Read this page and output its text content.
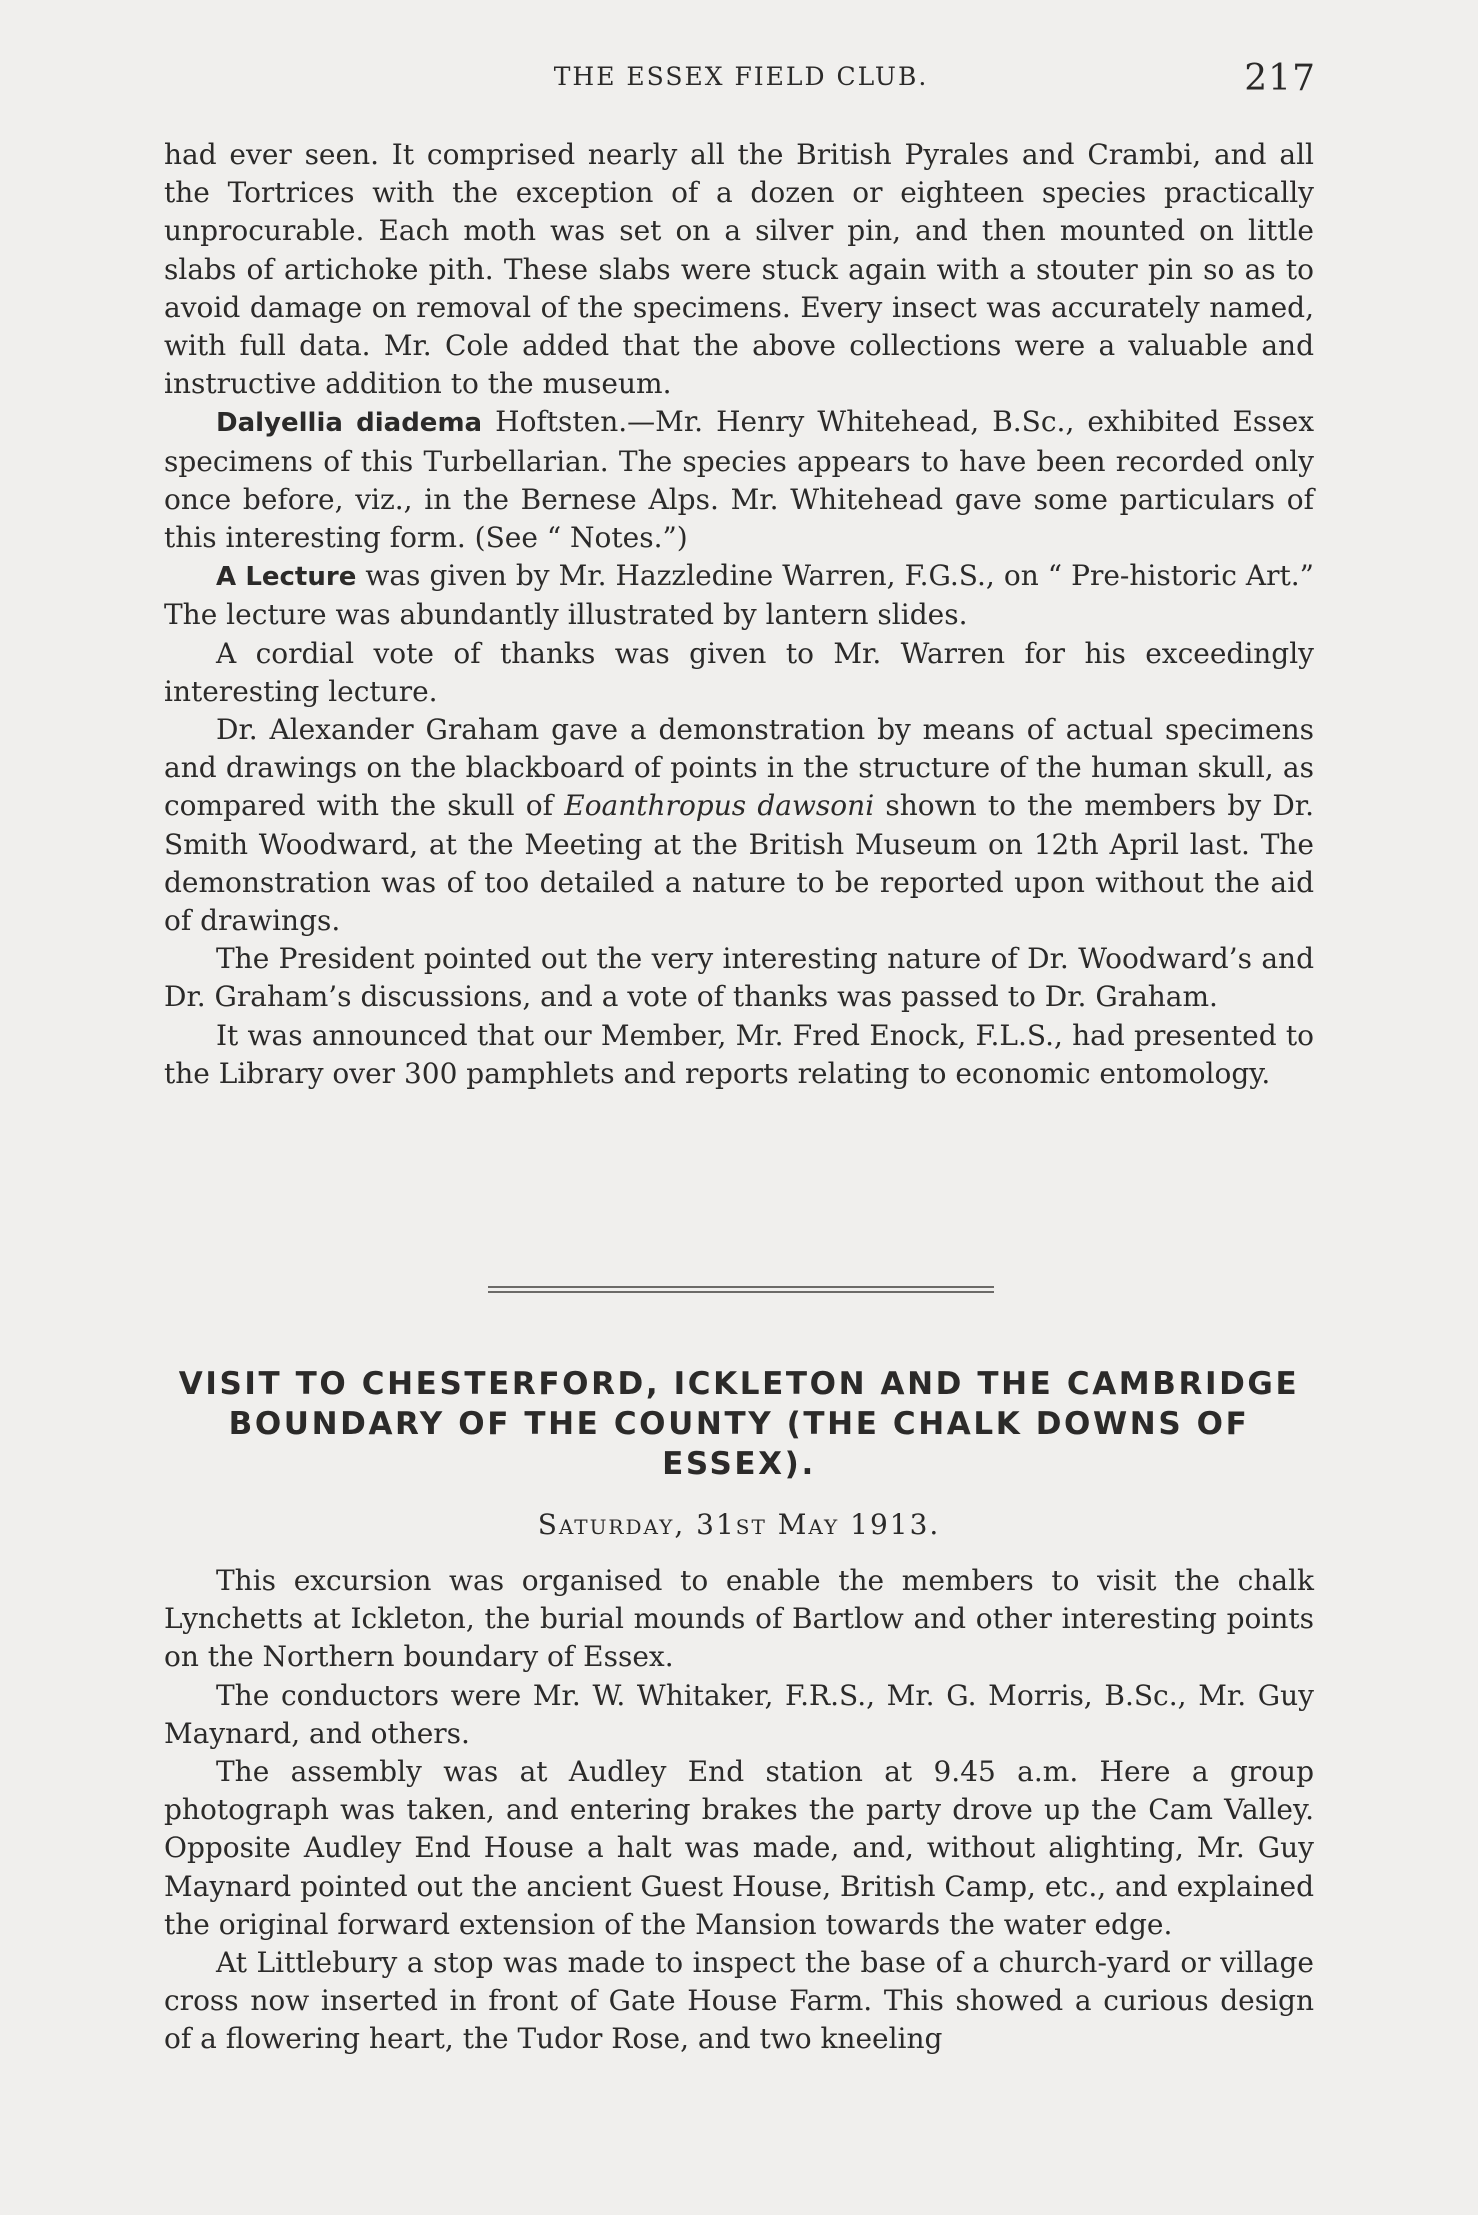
THE ESSEX FIELD CLUB.	217

had ever seen. It comprised nearly all the British Pyrales and Crambi, and all the Tortrices with the exception of a dozen or eighteen species practically unprocurable. Each moth was set on a silver pin, and then mounted on little slabs of artichoke pith. These slabs were stuck again with a stouter pin so as to avoid damage on removal of the specimens. Every insect was accurately named, with full data. Mr. Cole added that the above collections were a valuable and instructive addition to the museum.

Dalyellia diadema Hoftsten.—Mr. Henry Whitehead, B.Sc., exhibited Essex specimens of this Turbellarian. The species appears to have been recorded only once before, viz., in the Bernese Alps. Mr. Whitehead gave some particulars of this interesting form. (See “ Notes.”)

A Lecture was given by Mr. Hazzledine Warren, F.G.S., on “ Pre-historic Art.” The lecture was abundantly illustrated by lantern slides.

A cordial vote of thanks was given to Mr. Warren for his exceedingly interesting lecture.

Dr. Alexander Graham gave a demonstration by means of actual specimens and drawings on the blackboard of points in the structure of the human skull, as compared with the skull of Eoanthropus dawsoni shown to the members by Dr. Smith Woodward, at the Meeting at the British Museum on 12th April last. The demonstration was of too detailed a nature to be reported upon without the aid of drawings.

The President pointed out the very interesting nature of Dr. Woodward’s and Dr. Graham’s discussions, and a vote of thanks was passed to Dr. Graham.

It was announced that our Member, Mr. Fred Enock, F.L.S., had presented to the Library over 300 pamphlets and reports relating to economic entomology.

VISIT TO CHESTERFORD, ICKLETON AND THE CAMBRIDGE BOUNDARY OF THE COUNTY (THE CHALK DOWNS OF ESSEX).

Saturday, 31st May 1913.

This excursion was organised to enable the members to visit the chalk Lynchetts at Ickleton, the burial mounds of Bartlow and other interesting points on the Northern boundary of Essex.

The conductors were Mr. W. Whitaker, F.R.S., Mr. G. Morris, B.Sc., Mr. Guy Maynard, and others.

The assembly was at Audley End station at 9.45 a.m. Here a group photograph was taken, and entering brakes the party drove up the Cam Valley. Opposite Audley End House a halt was made, and, without alighting, Mr. Guy Maynard pointed out the ancient Guest House, British Camp, etc., and explained the original forward extension of the Mansion towards the water edge.

At Littlebury a stop was made to inspect the base of a church-yard or village cross now inserted in front of Gate House Farm. This showed a curious design of a flowering heart, the Tudor Rose, and two kneeling
